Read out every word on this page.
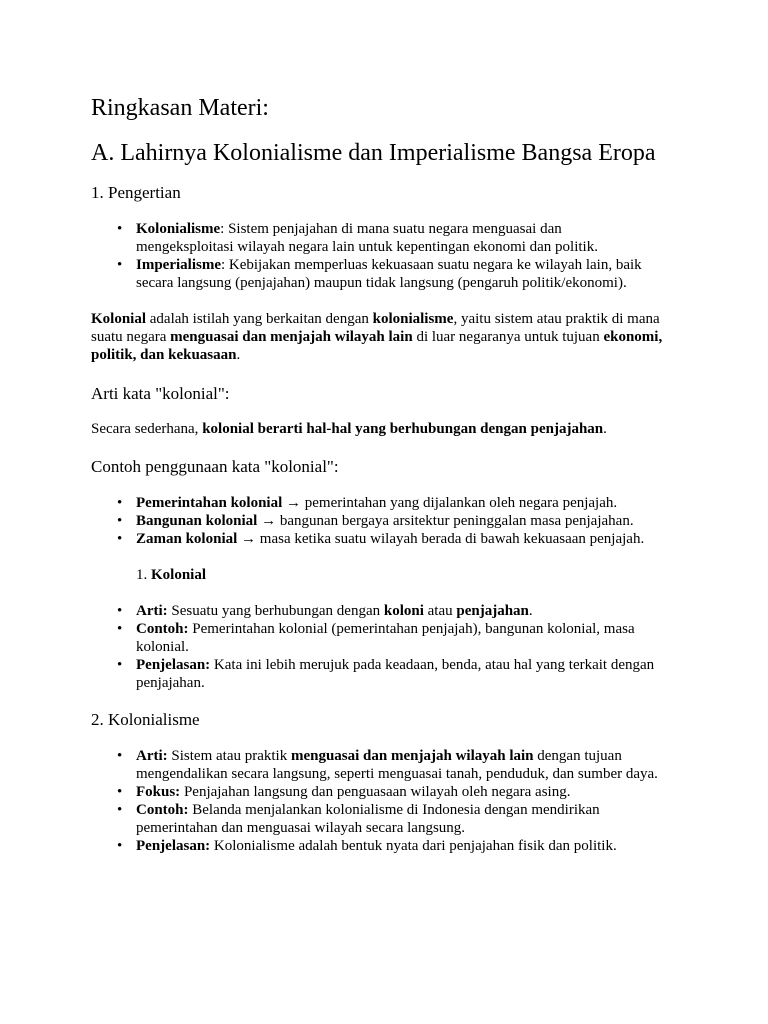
Ringkasan Materi:
A. Lahirnya Kolonialisme dan Imperialisme Bangsa Eropa
1. Pengertian
• Kolonialisme: Sistem penjajahan di mana suatu negara menguasai dan mengeksploitasi wilayah negara lain untuk kepentingan ekonomi dan politik.
• Imperialisme: Kebijakan memperluas kekuasaan suatu negara ke wilayah lain, baik secara langsung (penjajahan) maupun tidak langsung (pengaruh politik/ekonomi).
Kolonial adalah istilah yang berkaitan dengan kolonialisme, yaitu sistem atau praktik di mana suatu negara menguasai dan menjajah wilayah lain di luar negaranya untuk tujuan ekonomi, politik, dan kekuasaan.
Arti kata "kolonial":
Secara sederhana, kolonial berarti hal-hal yang berhubungan dengan penjajahan.
Contoh penggunaan kata "kolonial":
• Pemerintahan kolonial → pemerintahan yang dijalankan oleh negara penjajah.
• Bangunan kolonial → bangunan bergaya arsitektur peninggalan masa penjajahan.
• Zaman kolonial → masa ketika suatu wilayah berada di bawah kekuasaan penjajah.
1. Kolonial
• Arti: Sesuatu yang berhubungan dengan koloni atau penjajahan.
• Contoh: Pemerintahan kolonial (pemerintahan penjajah), bangunan kolonial, masa kolonial.
• Penjelasan: Kata ini lebih merujuk pada keadaan, benda, atau hal yang terkait dengan penjajahan.
2. Kolonialisme
• Arti: Sistem atau praktik menguasai dan menjajah wilayah lain dengan tujuan mengendalikan secara langsung, seperti menguasai tanah, penduduk, dan sumber daya.
• Fokus: Penjajahan langsung dan penguasaan wilayah oleh negara asing.
• Contoh: Belanda menjalankan kolonialisme di Indonesia dengan mendirikan pemerintahan dan menguasai wilayah secara langsung.
• Penjelasan: Kolonialisme adalah bentuk nyata dari penjajahan fisik dan politik.
